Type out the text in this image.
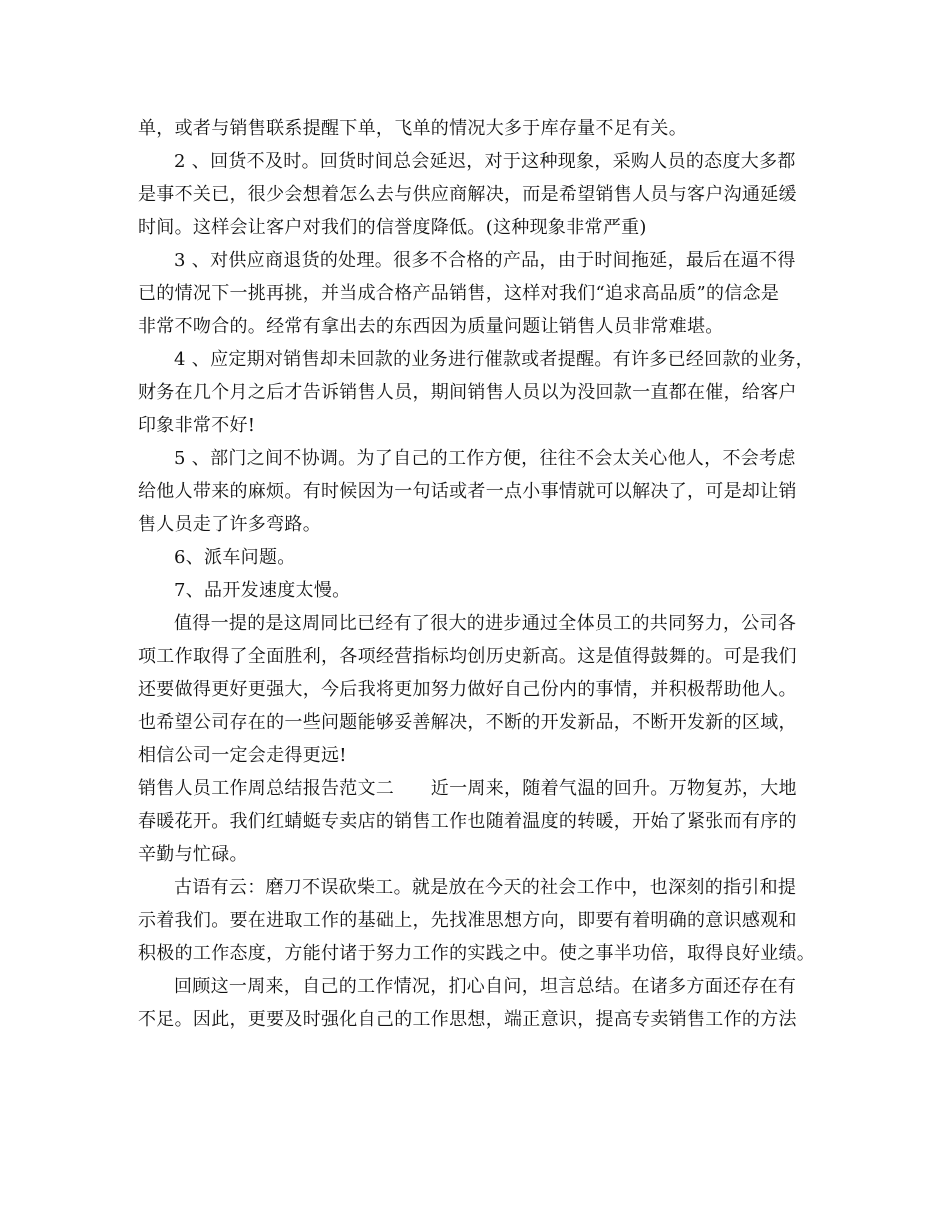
单，或者与销售联系提醒下单，飞单的情况大多于库存量不足有关。
2 、回货不及时。回货时间总会延迟，对于这种现象，采购人员的态度大多都
是事不关已，很少会想着怎么去与供应商解决，而是希望销售人员与客户沟通延缓
时间。这样会让客户对我们的信誉度降低。(这种现象非常严重)
3 、对供应商退货的处理。很多不合格的产品，由于时间拖延，最后在逼不得
已的情况下一挑再挑，并当成合格产品销售，这样对我们“追求高品质”的信念是
非常不吻合的。经常有拿出去的东西因为质量问题让销售人员非常难堪。
4 、应定期对销售却未回款的业务进行催款或者提醒。有许多已经回款的业务，
财务在几个月之后才告诉销售人员，期间销售人员以为没回款一直都在催，给客户
印象非常不好!
5 、部门之间不协调。为了自己的工作方便，往往不会太关心他人，不会考虑
给他人带来的麻烦。有时候因为一句话或者一点小事情就可以解决了，可是却让销
售人员走了许多弯路。
6、派车问题。
7、品开发速度太慢。
值得一提的是这周同比已经有了很大的进步通过全体员工的共同努力，公司各
项工作取得了全面胜利，各项经营指标均创历史新高。这是值得鼓舞的。可是我们
还要做得更好更强大，今后我将更加努力做好自己份内的事情，并积极帮助他人。
也希望公司存在的一些问题能够妥善解决，不断的开发新品，不断开发新的区域，
相信公司一定会走得更远!
销售人员工作周总结报告范文二　　近一周来，随着气温的回升。万物复苏，大地
春暖花开。我们红蜻蜓专卖店的销售工作也随着温度的转暖，开始了紧张而有序的
辛勤与忙碌。
古语有云：磨刀不误砍柴工。就是放在今天的社会工作中，也深刻的指引和提
示着我们。要在进取工作的基础上，先找准思想方向，即要有着明确的意识感观和
积极的工作态度，方能付诸于努力工作的实践之中。使之事半功倍，取得良好业绩。
回顾这一周来，自己的工作情况，扪心自问，坦言总结。在诸多方面还存在有
不足。因此，更要及时强化自己的工作思想，端正意识，提高专卖销售工作的方法
